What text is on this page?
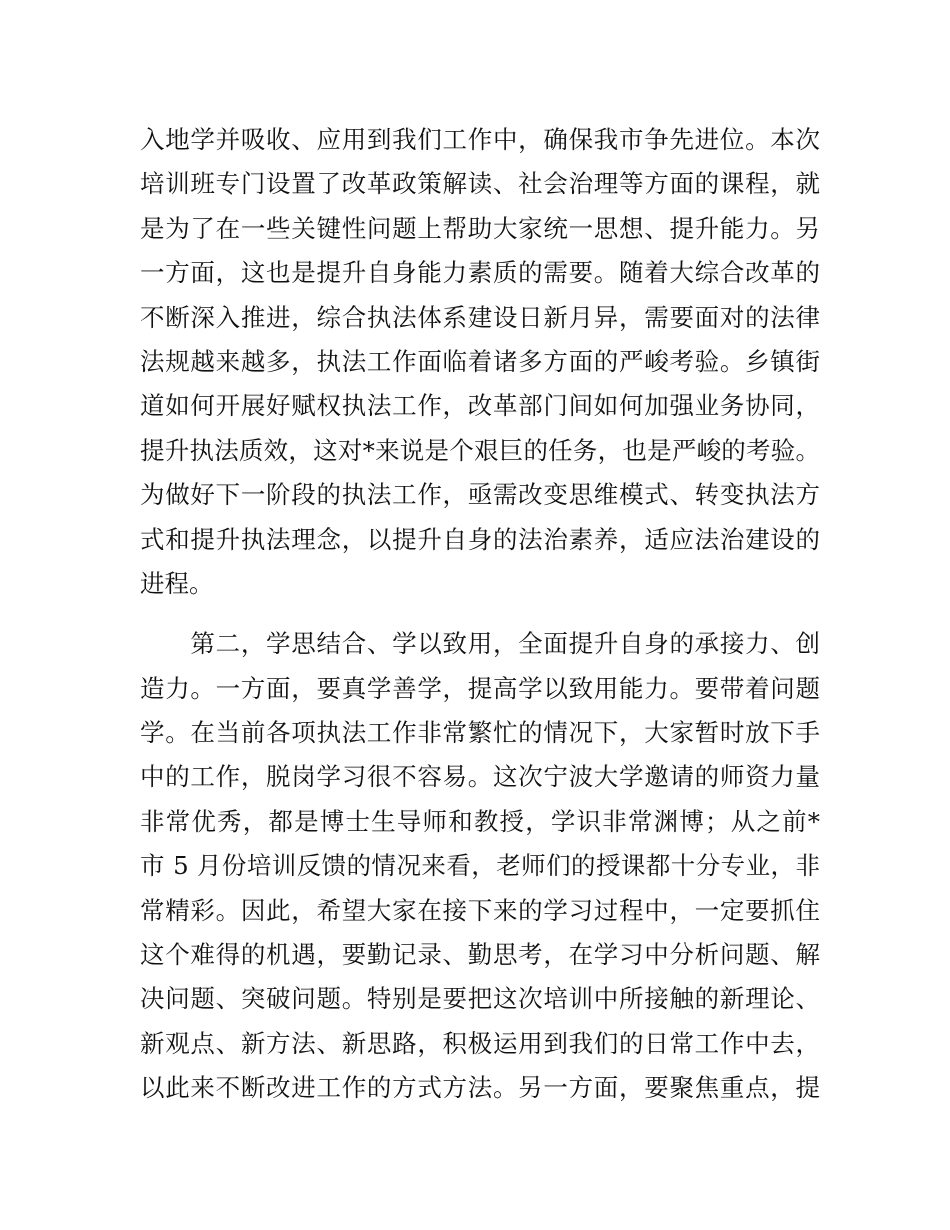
入地学并吸收、应用到我们工作中，确保我市争先进位。本次
培训班专门设置了改革政策解读、社会治理等方面的课程，就
是为了在一些关键性问题上帮助大家统一思想、提升能力。另
一方面，这也是提升自身能力素质的需要。随着大综合改革的
不断深入推进，综合执法体系建设日新月异，需要面对的法律
法规越来越多，执法工作面临着诸多方面的严峻考验。乡镇街
道如何开展好赋权执法工作，改革部门间如何加强业务协同，
提升执法质效，这对*来说是个艰巨的任务，也是严峻的考验。
为做好下一阶段的执法工作，亟需改变思维模式、转变执法方
式和提升执法理念，以提升自身的法治素养，适应法治建设的
进程。
　　第二，学思结合、学以致用，全面提升自身的承接力、创
造力。一方面，要真学善学，提高学以致用能力。要带着问题
学。在当前各项执法工作非常繁忙的情况下，大家暂时放下手
中的工作，脱岗学习很不容易。这次宁波大学邀请的师资力量
非常优秀，都是博士生导师和教授，学识非常渊博；从之前*
市 5 月份培训反馈的情况来看，老师们的授课都十分专业，非
常精彩。因此，希望大家在接下来的学习过程中，一定要抓住
这个难得的机遇，要勤记录、勤思考，在学习中分析问题、解
决问题、突破问题。特别是要把这次培训中所接触的新理论、
新观点、新方法、新思路，积极运用到我们的日常工作中去，
以此来不断改进工作的方式方法。另一方面，要聚焦重点，提
